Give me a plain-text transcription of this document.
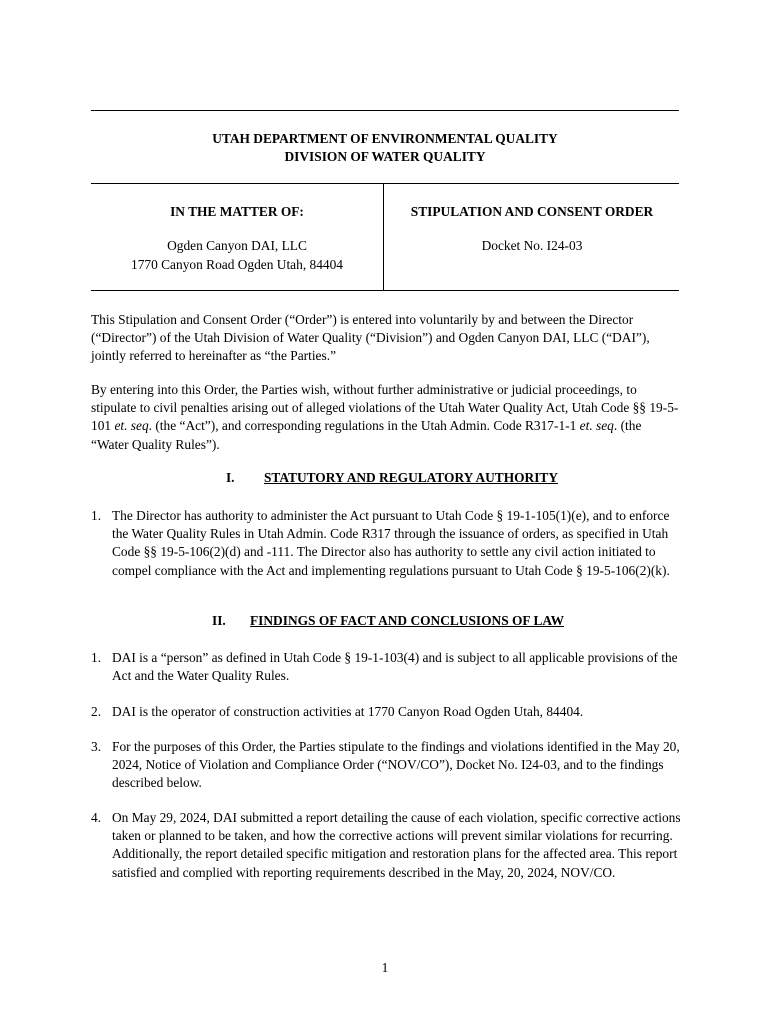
UTAH DEPARTMENT OF ENVIRONMENTAL QUALITY
DIVISION OF WATER QUALITY
IN THE MATTER OF:
Ogden Canyon DAI, LLC
1770 Canyon Road Ogden Utah, 84404
STIPULATION AND CONSENT ORDER
Docket No. I24-03
This Stipulation and Consent Order (“Order”) is entered into voluntarily by and between the Director (“Director”) of the Utah Division of Water Quality (“Division”) and Ogden Canyon DAI, LLC (“DAI”), jointly referred to hereinafter as “the Parties.”
By entering into this Order, the Parties wish, without further administrative or judicial proceedings, to stipulate to civil penalties arising out of alleged violations of the Utah Water Quality Act, Utah Code §§ 19-5-101 et. seq. (the “Act”), and corresponding regulations in the Utah Admin. Code R317-1-1 et. seq. (the “Water Quality Rules”).
I. STATUTORY AND REGULATORY AUTHORITY
1. The Director has authority to administer the Act pursuant to Utah Code § 19-1-105(1)(e), and to enforce the Water Quality Rules in Utah Admin. Code R317 through the issuance of orders, as specified in Utah Code §§ 19-5-106(2)(d) and -111. The Director also has authority to settle any civil action initiated to compel compliance with the Act and implementing regulations pursuant to Utah Code § 19-5-106(2)(k).
II. FINDINGS OF FACT AND CONCLUSIONS OF LAW
1. DAI is a “person” as defined in Utah Code § 19-1-103(4) and is subject to all applicable provisions of the Act and the Water Quality Rules.
2. DAI is the operator of construction activities at 1770 Canyon Road Ogden Utah, 84404.
3. For the purposes of this Order, the Parties stipulate to the findings and violations identified in the May 20, 2024, Notice of Violation and Compliance Order (“NOV/CO”), Docket No. I24-03, and to the findings described below.
4. On May 29, 2024, DAI submitted a report detailing the cause of each violation, specific corrective actions taken or planned to be taken, and how the corrective actions will prevent similar violations for recurring. Additionally, the report detailed specific mitigation and restoration plans for the affected area. This report satisfied and complied with reporting requirements described in the May, 20, 2024, NOV/CO.
1
